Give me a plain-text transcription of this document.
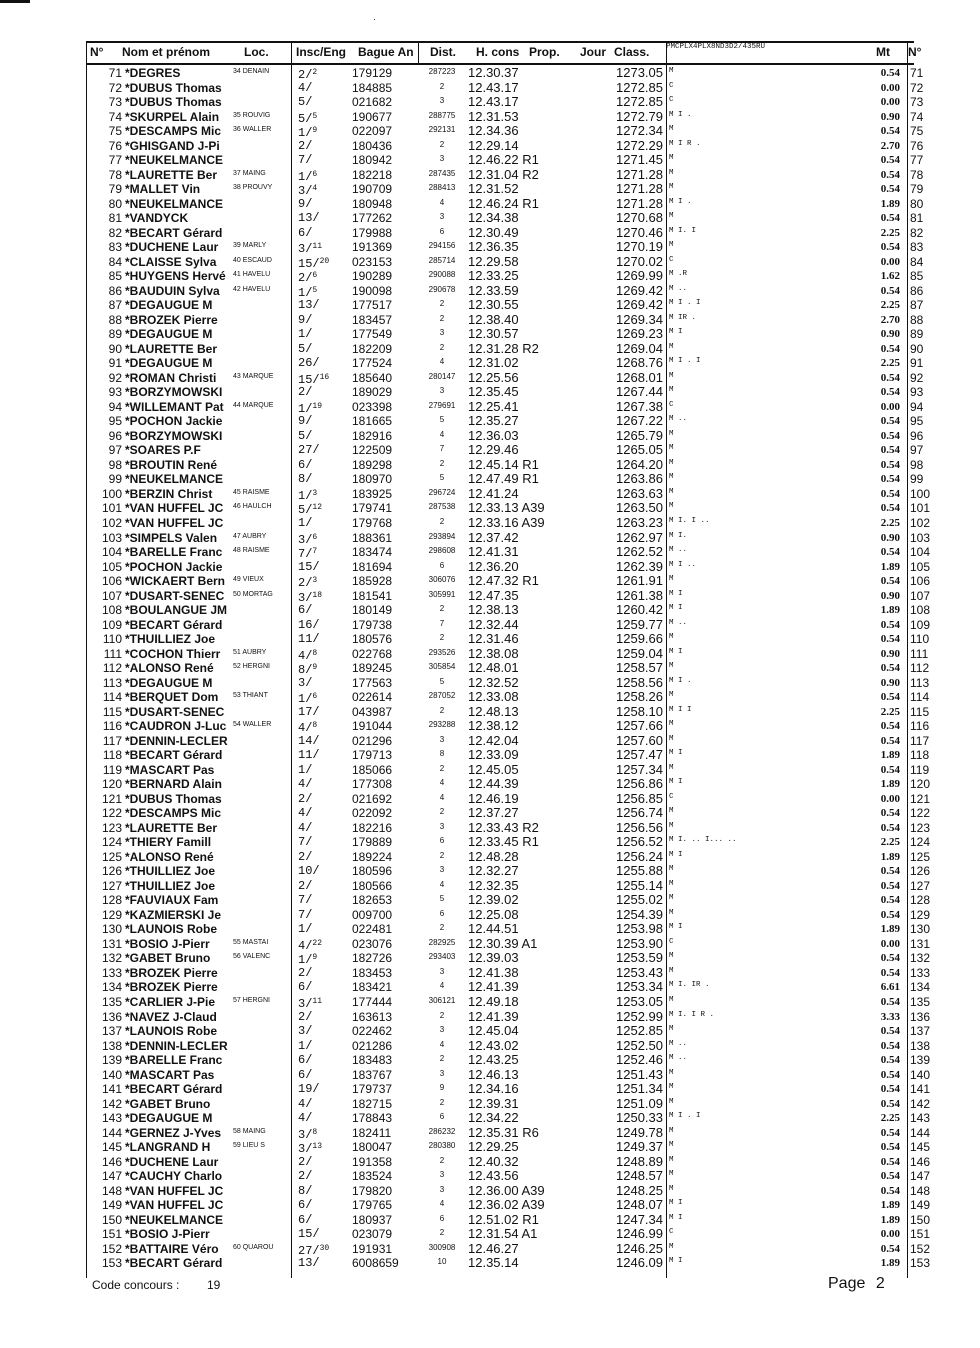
·
N° Nom et prénom	Loc. Insc/Eng Bague An Dist. H. cons Prop. Jour Class. PMCPLX4PLX8ND3D2/435RU	Mt N°
71 *DEGRES	34 DENAIN 2/$^2$	179129	287223 12.30.37	1273.05 M	0.54 71
72 *DUBUS Thomas	4/	184885	2	12.43.17	1272.85 C	0.00 72
73 *DUBUS Thomas	5/	021682	3	12.43.17	1272.85 C	0.00 73
74 *SKURPEL Alain 35 ROUVIG 5/$^5$	190677	288775 12.31.53	1272.79 M I .	0.90 74
75 *DESCAMPS Mic 36 WALLER 1/$^9$	022097	292131 12.34.36	1272.34 M	0.54 75
76 *GHISGAND J-Pi	2/	180436	2	12.29.14	1272.29 M I R .	2.70 76
77 *NEUKELMANCE	7/	180942	3	12.46.22 R1	1271.45 M	0.54 77
78 *LAURETTE Ber 37 MAING	1/$^6$	182218	287435 12.31.04 R2	1271.28 M	0.54 78
79 *MALLET Vin	38 PROUVY 3/$^4$	190709	288413 12.31.52	1271.28 M	0.54 79
80 *NEUKELMANCE	9/	180948	4	12.46.24 R1	1271.28 M I .	1.89 80
81 *VANDYCK	13/	177262	3	12.34.38	1270.68 M	0.54 81
82 *BECART Gérard	6/	179988	6	12.30.49	1270.46 M I. I	2.25 82
83 *DUCHENE Laur 39 MARLY	3/$^{11}$	191369	294156 12.36.35	1270.19 M	0.54 83
84 *CLAISSE Sylva 40 ESCAUD 15/$^{20}$	023153	285714 12.29.58	1270.02 C	0.00 84
85 *HUYGENS Hervé 41 HAVELU 2/$^6$	190289	290088 12.33.25	1269.99 M .R	1.62 85
86 *BAUDUIN Sylva 42 HAVELU 1/$^5$	190098	290678 12.33.59	1269.42 M ..	0.54 86
87 *DEGAUGUE M	13/	177517	2	12.30.55	1269.42 M I . I	2.25 87
88 *BROZEK Pierre	9/	183457	2	12.38.40	1269.34 M IR .	2.70 88
89 *DEGAUGUE M	1/	177549	3	12.30.57	1269.23 M I	0.90 89
90 *LAURETTE Ber	5/	182209	2	12.31.28 R2	1269.04 M	0.54 90
91 *DEGAUGUE M	26/	177524	4	12.31.02	1268.76 M I . I	2.25 91
92 *ROMAN Christi 43 MARQUE 15/$^{16}$	185640	280147 12.25.56	1268.01 M	0.54 92
93 *BORZYMOWSKI	2/	189029	3	12.35.45	1267.44 M	0.54 93
94 *WILLEMANT Pat 44 MARQUE 1/$^{19}$	023398	279691 12.25.41	1267.38 C	0.00 94
95 *POCHON Jackie	9/	181665	5	12.35.27	1267.22 M ..	0.54 95
96 *BORZYMOWSKI	5/	182916	4	12.36.03	1265.79 M	0.54 96
97 *SOARES P.F	27/	122509	7	12.29.46	1265.05 M	0.54 97
98 *BROUTIN René	6/	189298	2	12.45.14 R1	1264.20 M	0.54 98
99 *NEUKELMANCE	8/	180970	5	12.47.49 R1	1263.86 M	0.54 99
100 *BERZIN Christ	45 RAISME 1/$^3$	183925	296724 12.41.24	1263.63 M	0.54 100
101 *VAN HUFFEL JC 46 HAULCH 5/$^{12}$	179741	287538 12.33.13 A39	1263.50 M	0.54 101
102 *VAN HUFFEL JC	1/	179768	2	12.33.16 A39	1263.23 M I. I ..	2.25 102
103 *SIMPELS Valen 47 AUBRY	3/$^6$	188361	293894 12.37.42	1262.97 M I.	0.90 103
104 *BARELLE Franc 48 RAISME 7/$^7$	183474	298608 12.41.31	1262.52 M ..	0.54 104
105 *POCHON Jackie	15/	181694	6	12.36.20	1262.39 M I ..	1.89 105
106 *WICKAERT Bern 49 VIEUX	2/$^3$	185928	306076 12.47.32 R1	1261.91 M	0.54 106
107 *DUSART-SENEC 50 MORTAG 3/$^{18}$	181541	305991 12.47.35	1261.38 M I	0.90 107
108 *BOULANGUE JM	6/	180149	2	12.38.13	1260.42 M I	1.89 108
109 *BECART Gérard	16/	179738	7	12.32.44	1259.77 M ..	0.54 109
110 *THUILLIEZ Joe	11/	180576	2	12.31.46	1259.66 M	0.54 110
111 *COCHON Thierr 51 AUBRY	4/$^8$	022768	293526 12.38.08	1259.04 M I	0.90 111
112 *ALONSO René	52 HERGNI 8/$^9$	189245	305854 12.48.01	1258.57 M	0.54 112
113 *DEGAUGUE M	3/	177563	5	12.32.52	1258.56 M I .	0.90 113
114 *BERQUET Dom 53 THIANT	1/$^6$	022614	287052 12.33.08	1258.26 M	0.54 114
115 *DUSART-SENEC	17/	043987	2	12.48.13	1258.10 M I I	2.25 115
116 *CAUDRON J-Luc 54 WALLER 4/$^8$	191044	293288 12.38.12	1257.66 M	0.54 116
117 *DENNIN-LECLER	14/	021296	3	12.42.04	1257.60 M	0.54 117
118 *BECART Gérard	11/	179713	8	12.33.09	1257.47 M I	1.89 118
119 *MASCART Pas	1/	185066	2	12.45.05	1257.34 M	0.54 119
120 *BERNARD Alain	4/	177308	4	12.44.39	1256.86 M I	1.89 120
121 *DUBUS Thomas	2/	021692	4	12.46.19	1256.85 C	0.00 121
122 *DESCAMPS Mic	4/	022092	2	12.37.27	1256.74 M	0.54 122
123 *LAURETTE Ber	4/	182216	3	12.33.43 R2	1256.56 M	0.54 123
124 *THIERY Famill	7/	179889	6	12.33.45 R1	1256.52 M I. .. I... ..	2.25 124
125 *ALONSO René	2/	189224	2	12.48.28	1256.24 M I	1.89 125
126 *THUILLIEZ Joe	10/	180596	3	12.32.27	1255.88 M	0.54 126
127 *THUILLIEZ Joe	2/	180566	4	12.32.35	1255.14 M	0.54 127
128 *FAUVIAUX Fam	7/	182653	5	12.39.02	1255.02 M	0.54 128
129 *KAZMIERSKI Je	7/	009700	6	12.25.08	1254.39 M	0.54 129
130 *LAUNOIS Robe	1/	022481	2	12.44.51	1253.98 M I	1.89 130
131 *BOSIO J-Pierr	55 MASTAI 4/$^{22}$	023076	282925 12.30.39 A1	1253.90 C	0.00 131
132 *GABET Bruno	56 VALENC 1/$^9$	182726	293403 12.39.03	1253.59 M	0.54 132
133 *BROZEK Pierre	2/	183453	3	12.41.38	1253.43 M	0.54 133
134 *BROZEK Pierre	6/	183421	4	12.41.39	1253.34 M I. IR .	6.61 134
135 *CARLIER J-Pie	57 HERGNI 3/$^{11}$	177444	306121 12.49.18	1253.05 M	0.54 135
136 *NAVEZ J-Claud	2/	163613	2	12.41.39	1252.99 M I. I R .	3.33 136
137 *LAUNOIS Robe	3/	022462	3	12.45.04	1252.85 M	0.54 137
138 *DENNIN-LECLER	1/	021286	4	12.43.02	1252.50 M ..	0.54 138
139 *BARELLE Franc	6/	183483	2	12.43.25	1252.46 M ..	0.54 139
140 *MASCART Pas	6/	183767	3	12.46.13	1251.43 M	0.54 140
141 *BECART Gérard	19/	179737	9	12.34.16	1251.34 M	0.54 141
142 *GABET Bruno	4/	182715	2	12.39.31	1251.09 M	0.54 142
143 *DEGAUGUE M	4/	178843	6	12.34.22	1250.33 M I . I	2.25 143
144 *GERNEZ J-Yves 58 MAING	3/$^8$	182411	286232 12.35.31 R6	1249.78 M	0.54 144
145 *LANGRAND H	59 LIEU S	3/$^{13}$	180047	280380 12.29.25	1249.37 M	0.54 145
146 *DUCHENE Laur	2/	191358	2	12.40.32	1248.89 M	0.54 146
147 *CAUCHY Charlo	2/	183524	3	12.43.56	1248.57 M	0.54 147
148 *VAN HUFFEL JC	8/	179820	3	12.36.00 A39	1248.25 M	0.54 148
149 *VAN HUFFEL JC	6/	179765	4	12.36.02 A39	1248.07 M I	1.89 149
150 *NEUKELMANCE	6/	180937	6	12.51.02 R1	1247.34 M I	1.89 150
151 *BOSIO J-Pierr	15/	023079	2	12.31.54 A1	1246.99 C	0.00 151
152 *BATTAIRE Véro 60 QUAROU 27/$^{30}$	191931	300908 12.46.27	1246.25 M	0.54 152
153 *BECART Gérard	13/	6008659	10	12.35.14	1246.09 M I	1.89 153
Code concours : 19	Page 2
